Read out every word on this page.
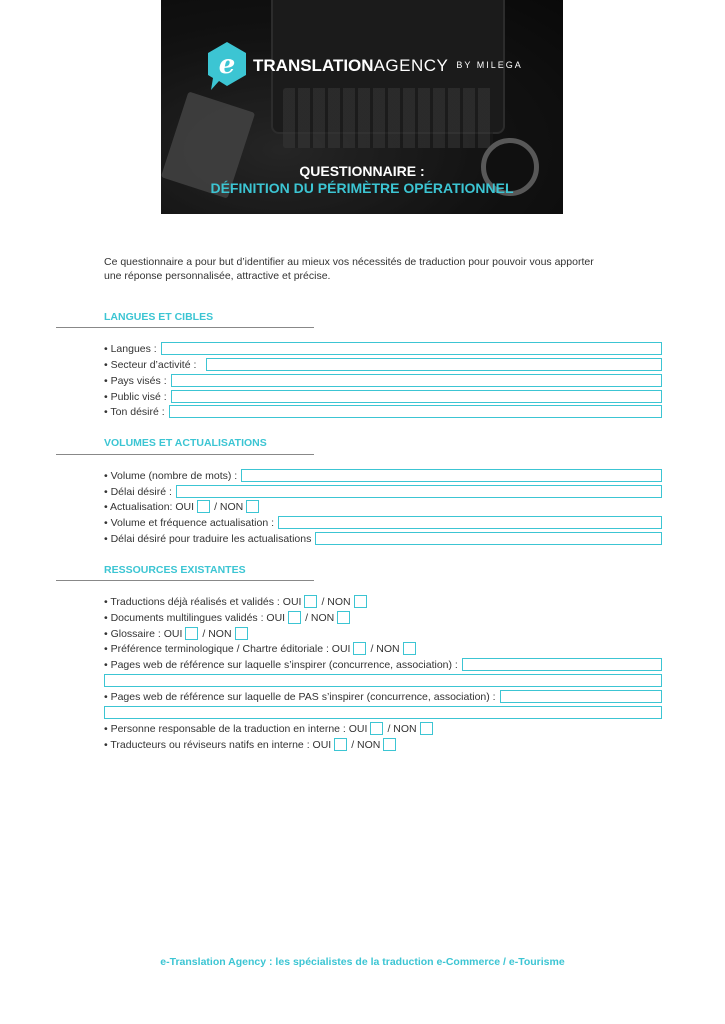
e TRANSLATIONAGENCY BY MILEGA
QUESTIONNAIRE :
DÉFINITION DU PÉRIMÈTRE OPÉRATIONNEL
Ce questionnaire a pour but d’identifier au mieux vos nécessités de traduction pour pouvoir vous apporter
une réponse personnalisée, attractive et précise.
LANGUES ET CIBLES
• Langues :
• Secteur d’activité :
• Pays visés :
• Public visé :
• Ton désiré :
VOLUMES ET ACTUALISATIONS
• Volume (nombre de mots) :
• Délai désiré :
• Actualisation:
OUI / NON
• Volume et fréquence actualisation :
• Délai désiré pour traduire les actualisations
RESSOURCES EXISTANTES
• Traductions déjà réalisés et validés :
OUI / NON
• Documents multilingues validés :
OUI / NON
• Glossaire :
OUI / NON
• Préférence terminologique / Chartre éditoriale :
OUI / NON
• Pages web de référence sur laquelle s’inspirer (concurrence, association) :
• Pages web de référence sur laquelle de PAS s’inspirer (concurrence, association) :
• Personne responsable de la traduction en interne :
OUI / NON
• Traducteurs ou réviseurs natifs en interne :
OUI / NON
e-Translation Agency : les spécialistes de la traduction e-Commerce / e-Tourisme
